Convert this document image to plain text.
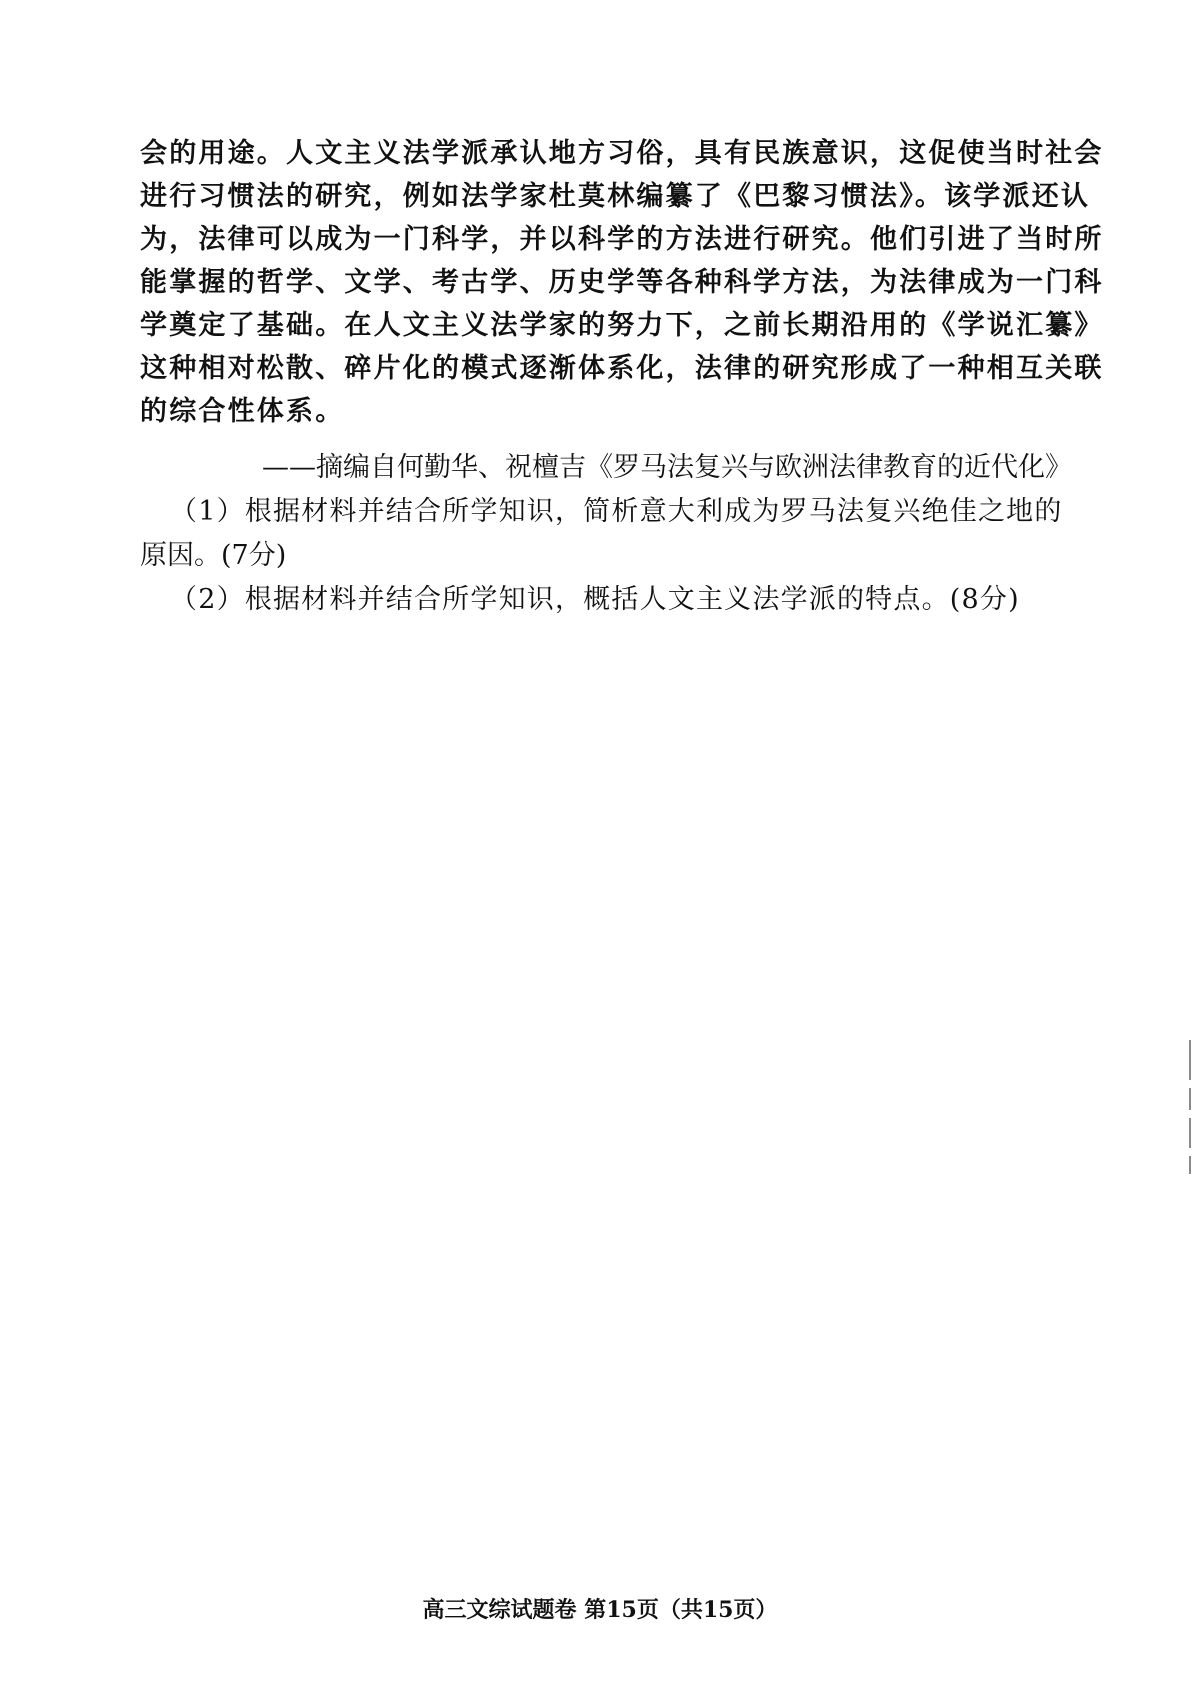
会的用途。人文主义法学派承认地方习俗，具有民族意识，这促使当时社会
进行习惯法的研究，例如法学家杜莫林编纂了《巴黎习惯法》。该学派还认
为，法律可以成为一门科学，并以科学的方法进行研究。他们引进了当时所
能掌握的哲学、文学、考古学、历史学等各种科学方法，为法律成为一门科
学奠定了基础。在人文主义法学家的努力下，之前长期沿用的《学说汇纂》
这种相对松散、碎片化的模式逐渐体系化，法律的研究形成了一种相互关联
的综合性体系。
——摘编自何勤华、祝檀吉《罗马法复兴与欧洲法律教育的近代化》
（1）根据材料并结合所学知识，简析意大利成为罗马法复兴绝佳之地的
原因。(7分)
（2）根据材料并结合所学知识，概括人文主义法学派的特点。(8分)
高三文综试题卷 第15页（共15页）
